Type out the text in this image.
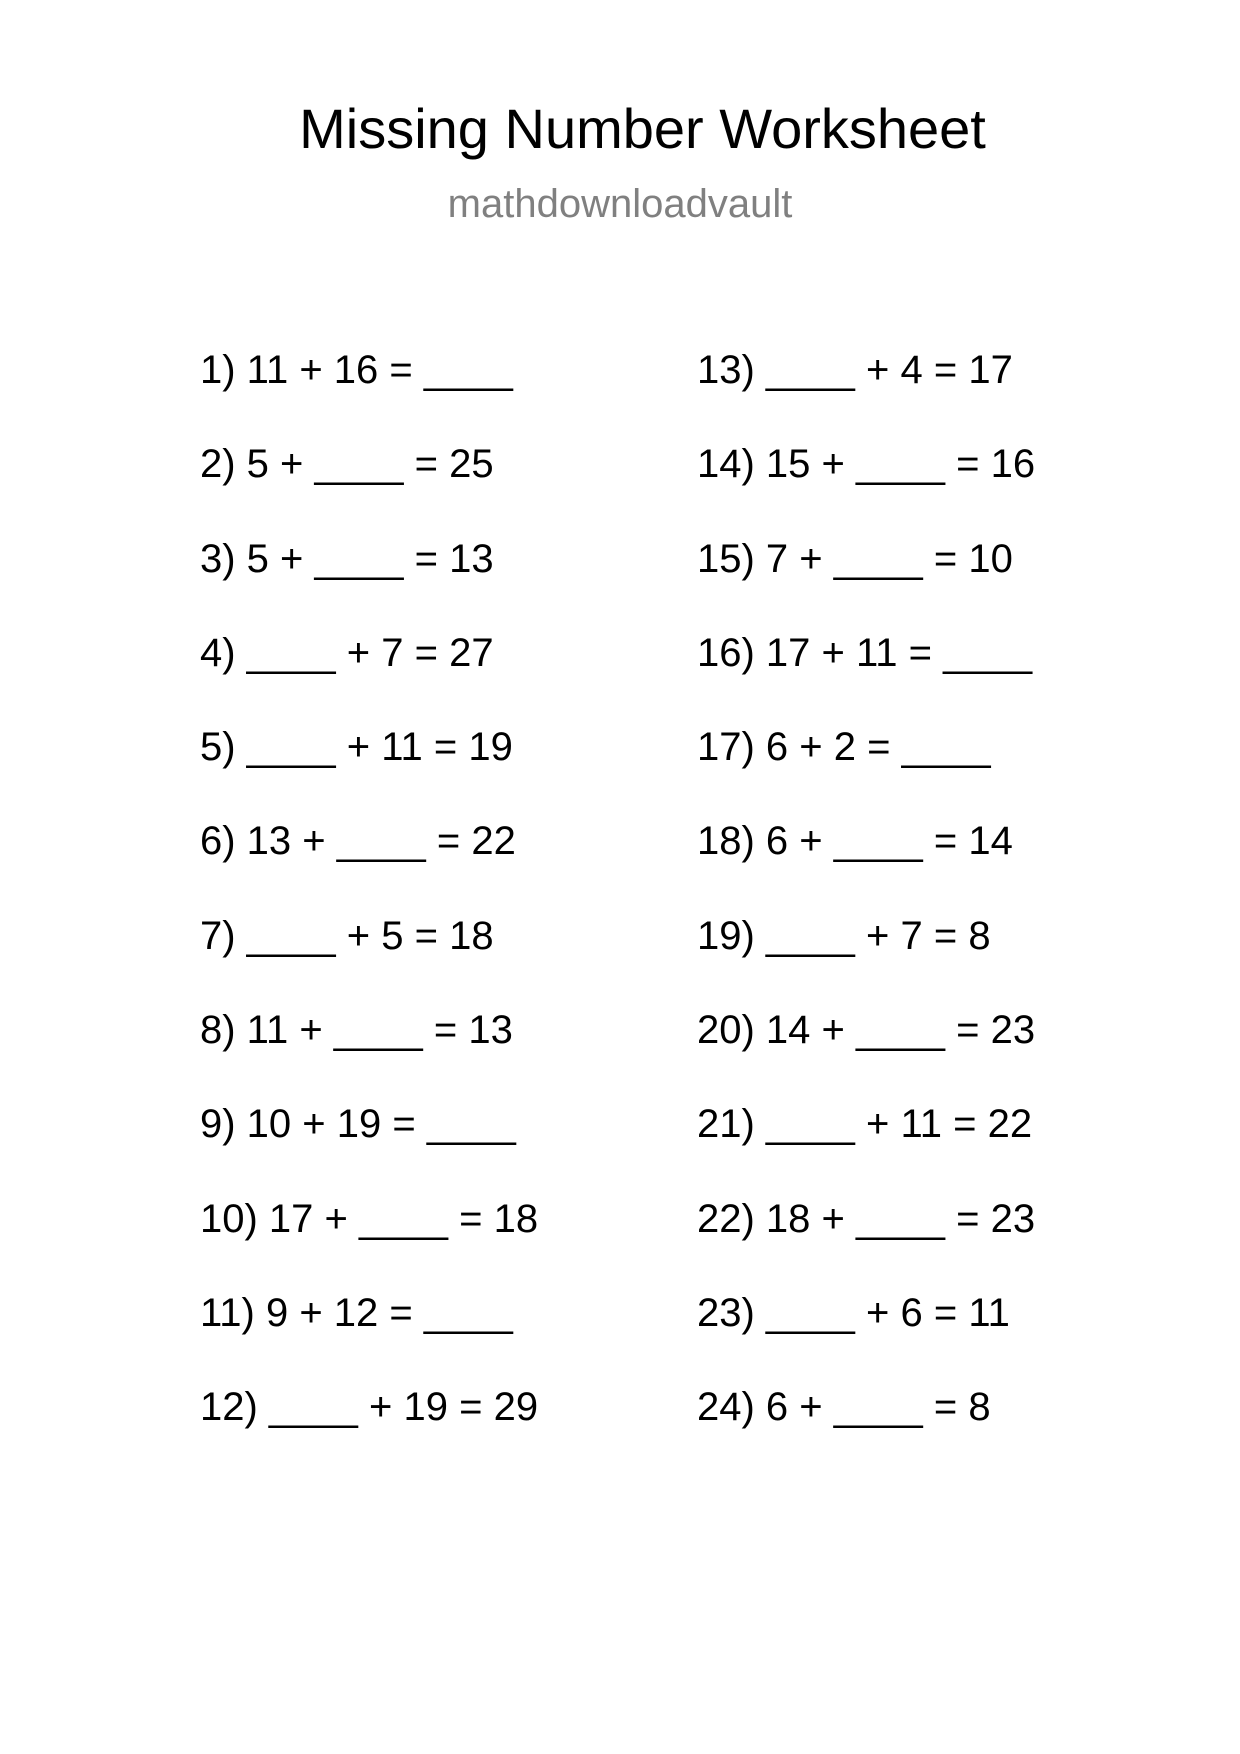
Missing Number Worksheet
mathdownloadvault
1) 11 + 16 = ____
2) 5 + ____ = 25
3) 5 + ____ = 13
4) ____ + 7 = 27
5) ____ + 11 = 19
6) 13 + ____ = 22
7) ____ + 5 = 18
8) 11 + ____ = 13
9) 10 + 19 = ____
10) 17 + ____ = 18
11) 9 + 12 = ____
12) ____ + 19 = 29
13) ____ + 4 = 17
14) 15 + ____ = 16
15) 7 + ____ = 10
16) 17 + 11 = ____
17) 6 + 2 = ____
18) 6 + ____ = 14
19) ____ + 7 = 8
20) 14 + ____ = 23
21) ____ + 11 = 22
22) 18 + ____ = 23
23) ____ + 6 = 11
24) 6 + ____ = 8
